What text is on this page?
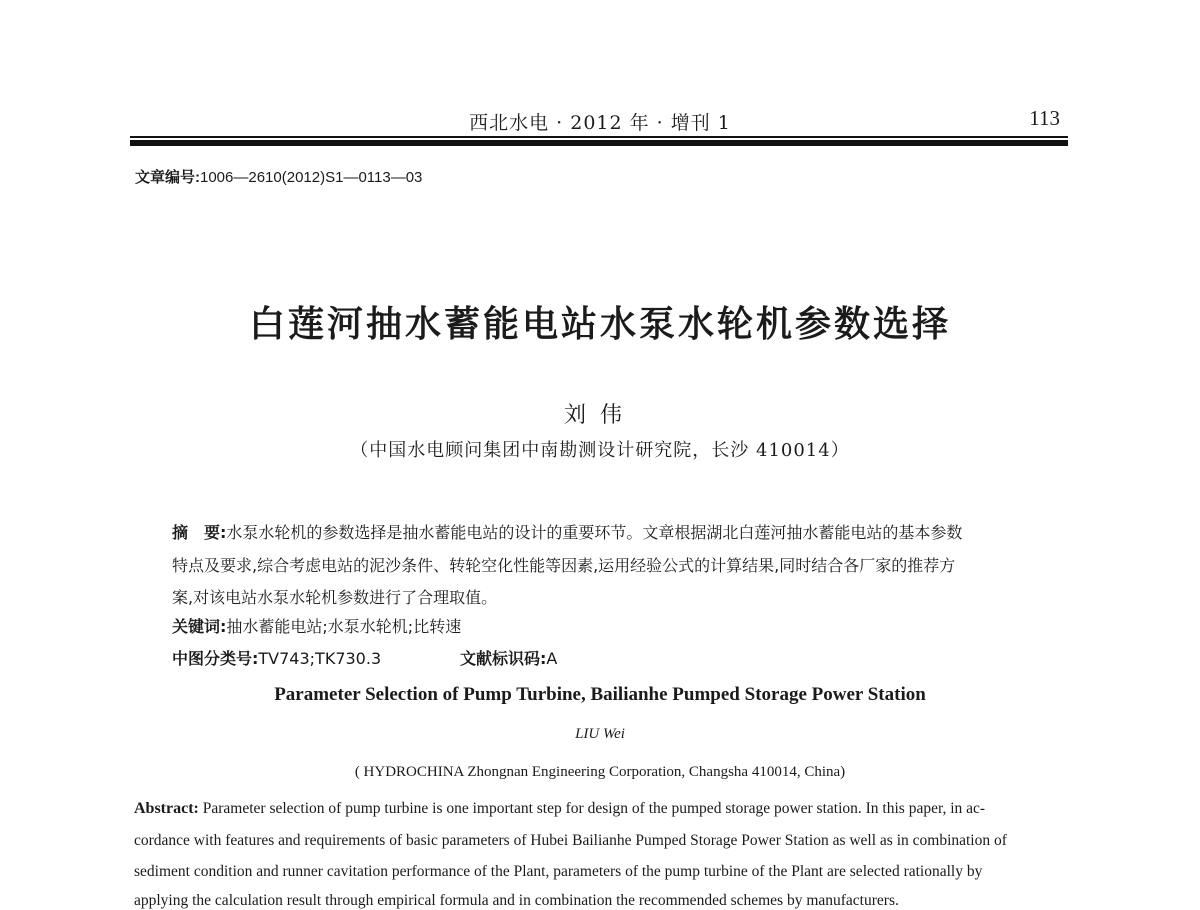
西北水电 · 2012 年 · 增刊 1	113
文章编号:1006—2610(2012)S1—0113—03
白莲河抽水蓄能电站水泵水轮机参数选择
刘伟
（中国水电顾问集团中南勘测设计研究院，长沙 410014）
摘　要:水泵水轮机的参数选择是抽水蓄能电站的设计的重要环节。文章根据湖北白莲河抽水蓄能电站的基本参数
特点及要求,综合考虑电站的泥沙条件、转轮空化性能等因素,运用经验公式的计算结果,同时结合各厂家的推荐方
案,对该电站水泵水轮机参数进行了合理取值。
关键词:抽水蓄能电站;水泵水轮机;比转速
中图分类号:TV743;TK730.3	文献标识码:A
Parameter Selection of Pump Turbine, Bailianhe Pumped Storage Power Station
LIU Wei
( HYDROCHINA Zhongnan Engineering Corporation, Changsha 410014, China)
Abstract: Parameter selection of pump turbine is one important step for design of the pumped storage power station. In this paper, in ac-
cordance with features and requirements of basic parameters of Hubei Bailianhe Pumped Storage Power Station as well as in combination of
sediment condition and runner cavitation performance of the Plant, parameters of the pump turbine of the Plant are selected rationally by
applying the calculation result through empirical formula and in combination the recommended schemes by manufacturers.
